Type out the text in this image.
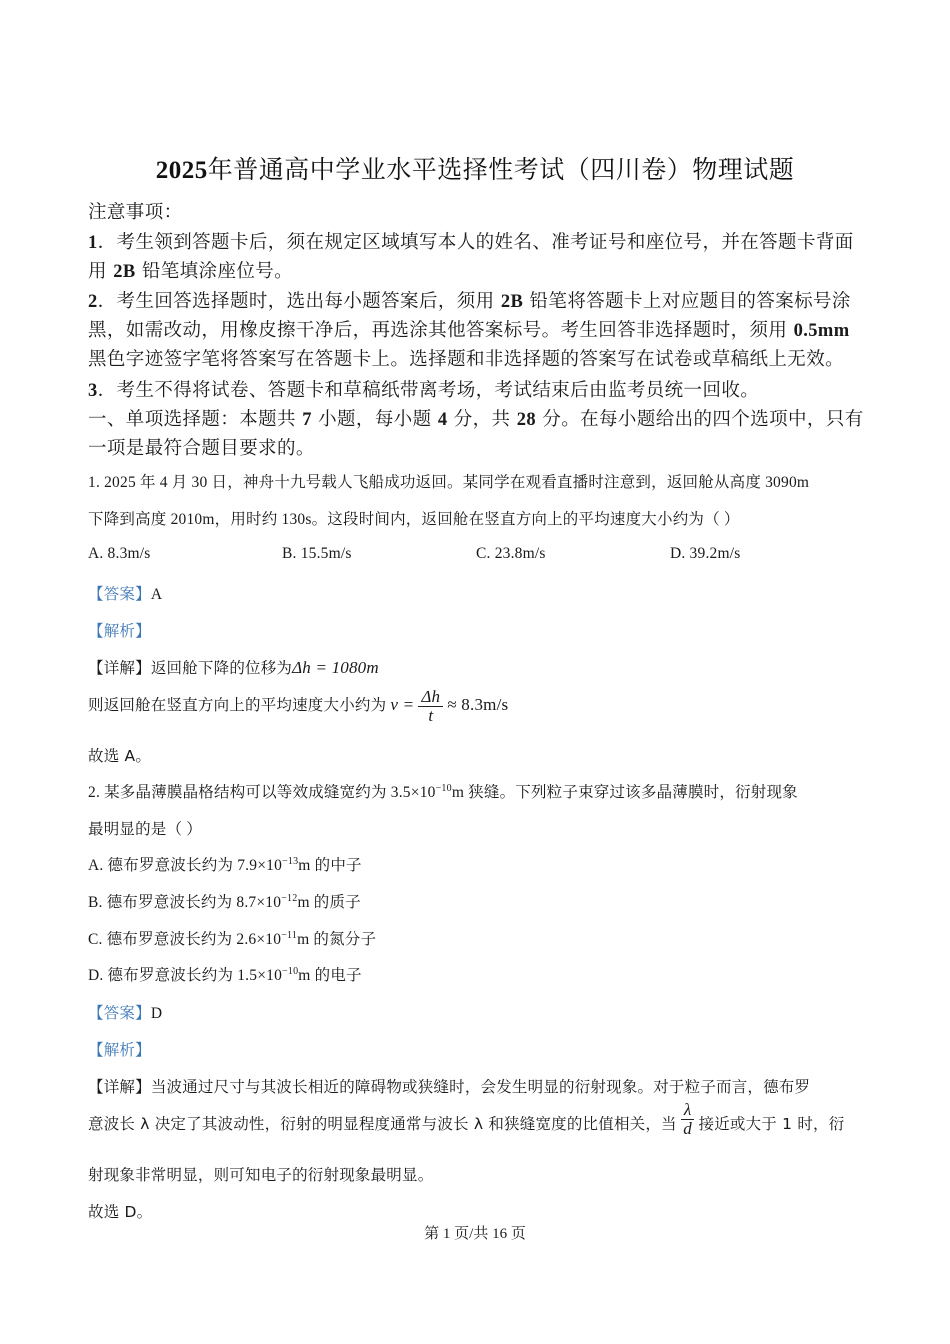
2025年普通高中学业水平选择性考试（四川卷）物理试题
注意事项：
1．考生领到答题卡后，须在规定区域填写本人的姓名、准考证号和座位号，并在答题卡背面
用 2B 铅笔填涂座位号。
2．考生回答选择题时，选出每小题答案后，须用 2B 铅笔将答题卡上对应题目的答案标号涂
黑，如需改动，用橡皮擦干净后，再选涂其他答案标号。考生回答非选择题时，须用 0.5mm
黑色字迹签字笔将答案写在答题卡上。选择题和非选择题的答案写在试卷或草稿纸上无效。
3．考生不得将试卷、答题卡和草稿纸带离考场，考试结束后由监考员统一回收。
一、单项选择题：本题共 7 小题，每小题 4 分，共 28 分。在每小题给出的四个选项中，只有
一项是最符合题目要求的。
1. 2025 年 4 月 30 日，神舟十九号载人飞船成功返回。某同学在观看直播时注意到，返回舱从高度 3090m
下降到高度 2010m，用时约 130s。这段时间内，返回舱在竖直方向上的平均速度大小约为（ ）
A. 8.3m/s	B. 15.5m/s	C. 23.8m/s	D. 39.2m/s
【答案】A
【解析】
【详解】返回舱下降的位移为Δh = 1080m
则返回舱在竖直方向上的平均速度大小约为 $v = \frac{\Delta h}{t} \approx 8.3m/s$
故选 A。
2. 某多晶薄膜晶格结构可以等效成缝宽约为 $3.5\times 10^{-10}m$ 狭缝。下列粒子束穿过该多晶薄膜时，衍射现象
最明显的是（ ）
A. 德布罗意波长约为 $7.9\times 10^{-13}m$ 的中子
B. 德布罗意波长约为 $8.7\times 10^{-12}m$ 的质子
C. 德布罗意波长约为 $2.6\times 10^{-11}m$ 的氮分子
D. 德布罗意波长约为 $1.5\times 10^{-10}m$ 的电子
【答案】D
【解析】
【详解】当波通过尺寸与其波长相近的障碍物或狭缝时，会发生明显的衍射现象。对于粒子而言，德布罗
意波长 λ 决定了其波动性，衍射的明显程度通常与波长 λ 和狭缝宽度的比值相关，当 $\frac{\lambda}{d}$ 接近或大于 1 时，衍
射现象非常明显，则可知电子的衍射现象最明显。
故选 D。
第 1 页/共 16 页
